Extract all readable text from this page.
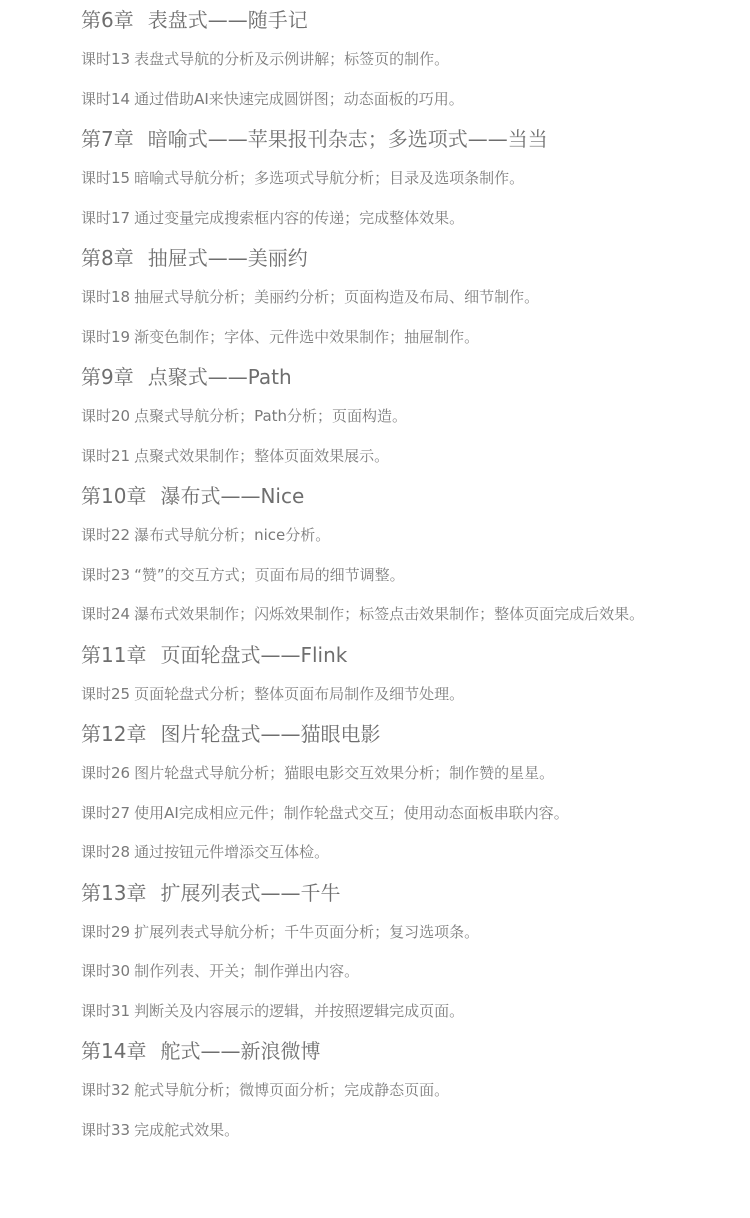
第6章 表盘式——随手记

课时13 表盘式导航的分析及示例讲解；标签页的制作。

课时14 通过借助AI来快速完成圆饼图；动态面板的巧用。

第7章 暗喻式——苹果报刊杂志；多选项式——当当

课时15 暗喻式导航分析；多选项式导航分析；目录及选项条制作。

课时17 通过变量完成搜索框内容的传递；完成整体效果。

第8章 抽屉式——美丽约

课时18 抽屉式导航分析；美丽约分析；页面构造及布局、细节制作。

课时19 渐变色制作；字体、元件选中效果制作；抽屉制作。

第9章 点聚式——Path

课时20 点聚式导航分析；Path分析；页面构造。

课时21 点聚式效果制作；整体页面效果展示。

第10章 瀑布式——Nice

课时22 瀑布式导航分析；nice分析。

课时23 “赞”的交互方式；页面布局的细节调整。

课时24 瀑布式效果制作；闪烁效果制作；标签点击效果制作；整体页面完成后效果。

第11章 页面轮盘式——Flink

课时25 页面轮盘式分析；整体页面布局制作及细节处理。

第12章 图片轮盘式——猫眼电影

课时26 图片轮盘式导航分析；猫眼电影交互效果分析；制作赞的星星。

课时27 使用AI完成相应元件；制作轮盘式交互；使用动态面板串联内容。

课时28 通过按钮元件增添交互体检。

第13章 扩展列表式——千牛

课时29 扩展列表式导航分析；千牛页面分析；复习选项条。

课时30 制作列表、开关；制作弹出内容。

课时31 判断关及内容展示的逻辑，并按照逻辑完成页面。

第14章 舵式——新浪微博

课时32 舵式导航分析；微博页面分析；完成静态页面。

课时33 完成舵式效果。
